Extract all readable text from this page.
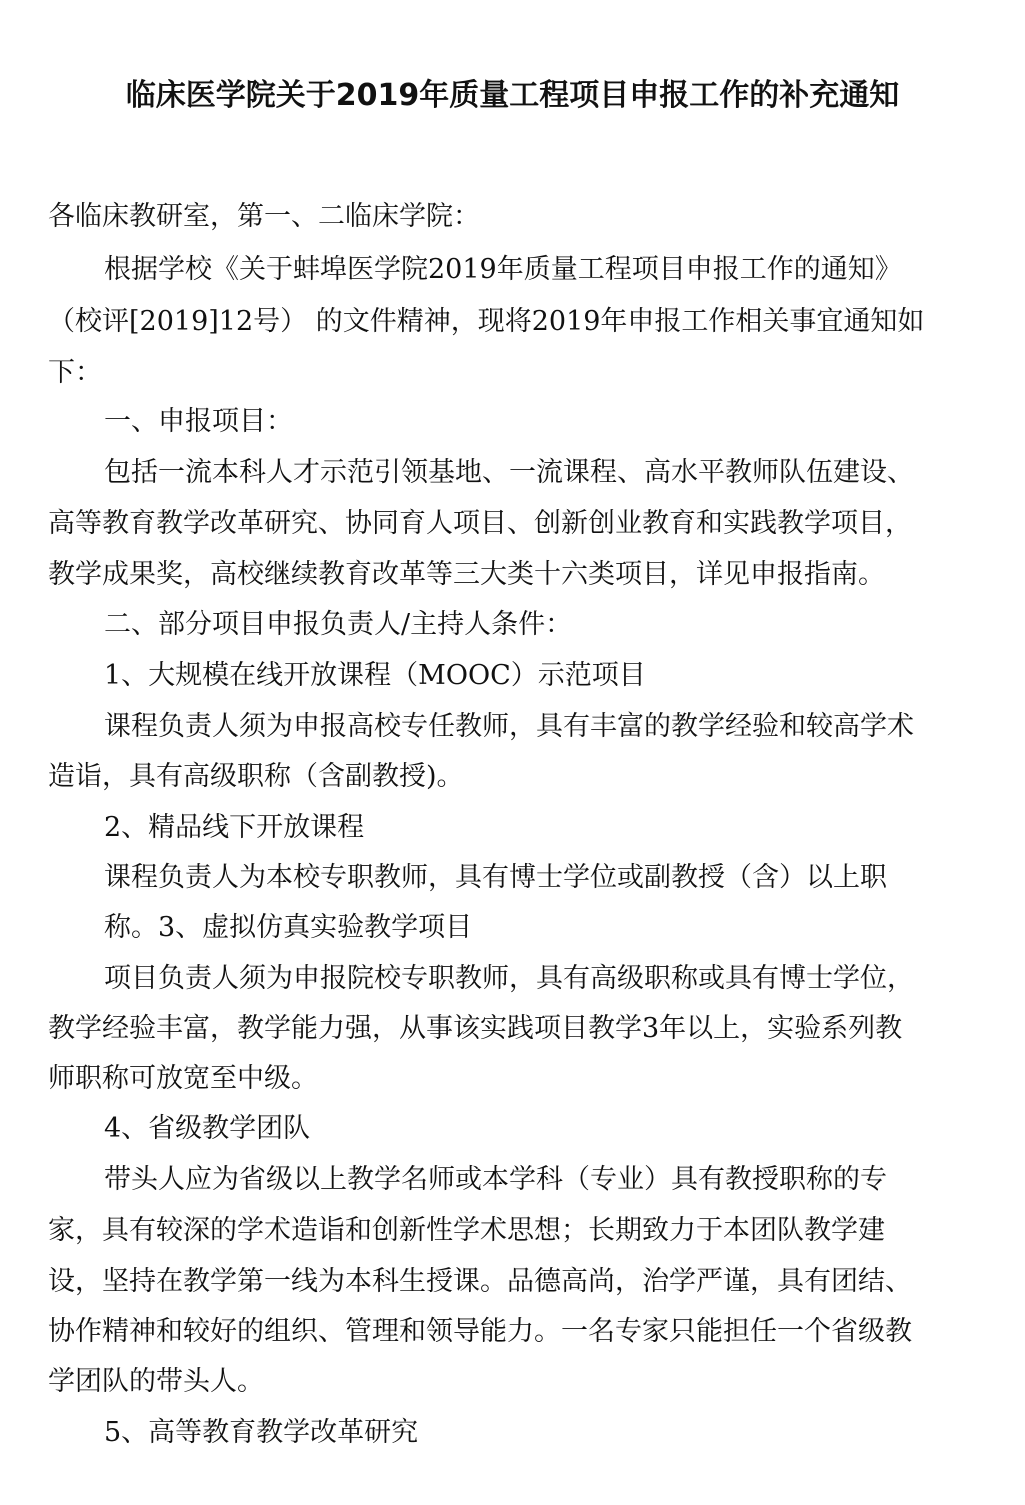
临床医学院关于2019年质量工程项目申报工作的补充通知
各临床教研室，第一、二临床学院：
根据学校《关于蚌埠医学院2019年质量工程项目申报工作的通知》
（校评[2019]12号） 的文件精神，现将2019年申报工作相关事宜通知如
下：
一、申报项目：
包括一流本科人才示范引领基地、一流课程、高水平教师队伍建设、
高等教育教学改革研究、协同育人项目、创新创业教育和实践教学项目，
教学成果奖，高校继续教育改革等三大类十六类项目，详见申报指南。
二、部分项目申报负责人/主持人条件：
1、大规模在线开放课程（MOOC）示范项目
课程负责人须为申报高校专任教师，具有丰富的教学经验和较高学术
造诣，具有高级职称（含副教授)。
2、精品线下开放课程
课程负责人为本校专职教师，具有博士学位或副教授（含）以上职
称。3、虚拟仿真实验教学项目
项目负责人须为申报院校专职教师，具有高级职称或具有博士学位，
教学经验丰富，教学能力强，从事该实践项目教学3年以上，实验系列教
师职称可放宽至中级。
4、省级教学团队
带头人应为省级以上教学名师或本学科（专业）具有教授职称的专
家，具有较深的学术造诣和创新性学术思想；长期致力于本团队教学建
设，坚持在教学第一线为本科生授课。品德高尚，治学严谨，具有团结、
协作精神和较好的组织、管理和领导能力。一名专家只能担任一个省级教
学团队的带头人。
5、高等教育教学改革研究
